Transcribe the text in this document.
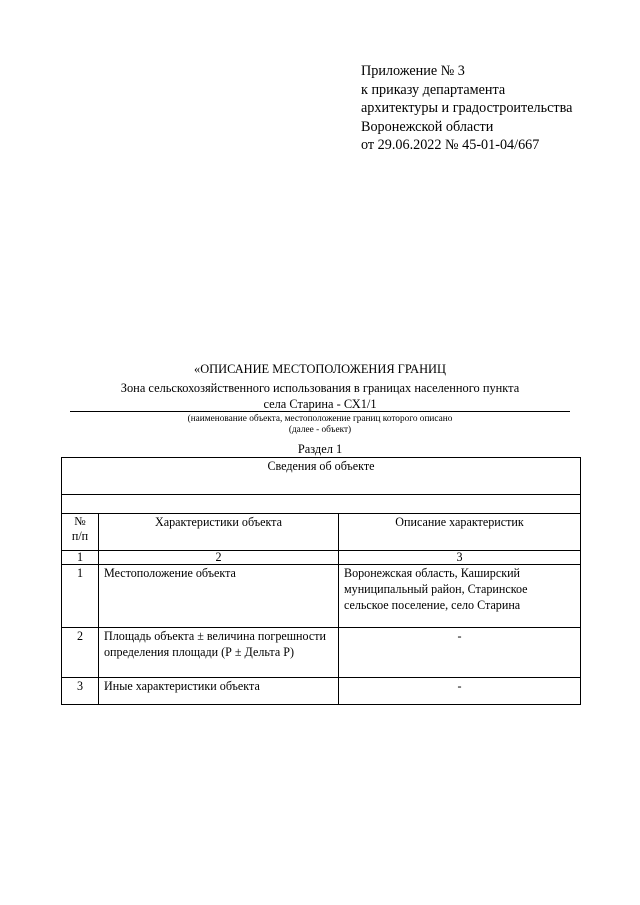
Приложение № 3
к приказу департамента
архитектуры и градостроительства
Воронежской области
от 29.06.2022 № 45-01-04/667
«ОПИСАНИЕ МЕСТОПОЛОЖЕНИЯ ГРАНИЦ
Зона сельскохозяйственного использования в границах населенного пункта
села Старина - СХ1/1
(наименование объекта, местоположение границ которого описано
(далее - объект)
Раздел 1
Сведения об объекте		

№
п/п	Характеристики объекта	Описание характеристик
1	2	3
1	Местоположение объекта	Воронежская область, Каширский муниципальный район, Старинское сельское поселение, село Старина
2	Площадь объекта ± величина погрешности определения площади (Р ± Дельта Р)	-
3	Иные характеристики объекта	-
